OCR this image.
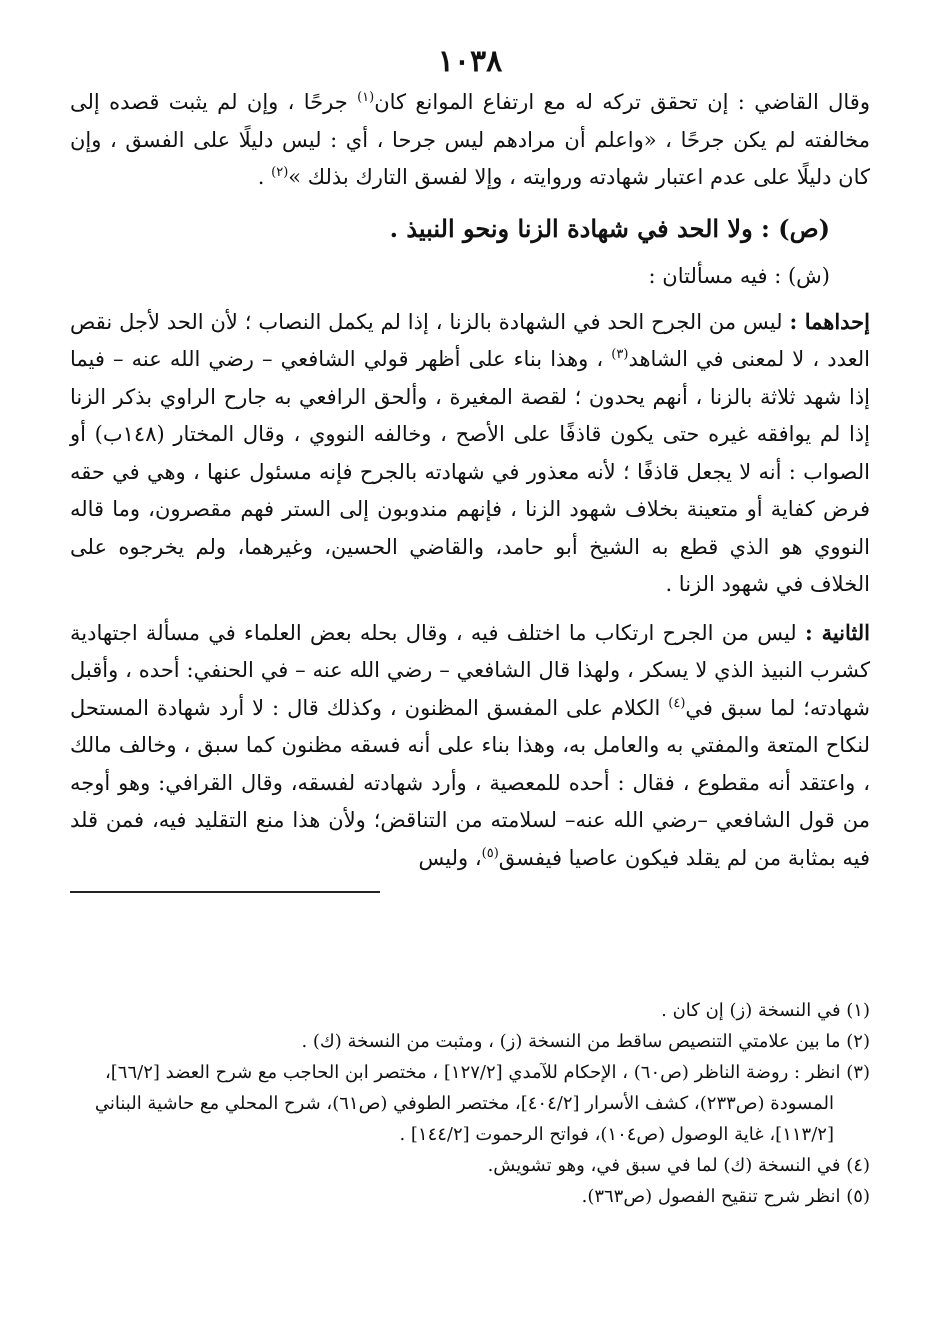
١٠٣٨

وقال القاضي : إن تحقق تركه له مع ارتفاع الموانع كان$^{(١)}$ جرحًا ، وإن لم يثبت قصده إلى مخالفته لم يكن جرحًا ، «واعلم أن مرادهم ليس جرحا ، أي : ليس دليلًا على الفسق ، وإن كان دليلًا على عدم اعتبار شهادته وروايته ، وإلا لفسق التارك بذلك »$^{(٢)}$ .

(ص) : ولا الحد في شهادة الزنا ونحو النبيذ .
(ش) : فيه مسألتان :

إحداهما : ليس من الجرح الحد في الشهادة بالزنا ، إذا لم يكمل النصاب ؛ لأن الحد لأجل نقص العدد ، لا لمعنى في الشاهد$^{(٣)}$ ، وهذا بناء على أظهر قولي الشافعي – رضي الله عنه – فيما إذا شهد ثلاثة بالزنا ، أنهم يحدون ؛ لقصة المغيرة ، وألحق الرافعي به جارح الراوي بذكر الزنا إذا لم يوافقه غيره حتى يكون قاذفًا على الأصح ، وخالفه النووي ، وقال المختار (١٤٨ب) أو الصواب : أنه لا يجعل قاذفًا ؛ لأنه معذور في شهادته بالجرح فإنه مسئول عنها ، وهي في حقه فرض كفاية أو متعينة بخلاف شهود الزنا ، فإنهم مندوبون إلى الستر فهم مقصرون، وما قاله النووي هو الذي قطع به الشيخ أبو حامد، والقاضي الحسين، وغيرهما، ولم يخرجوه على الخلاف في شهود الزنا .

الثانية : ليس من الجرح ارتكاب ما اختلف فيه ، وقال بحله بعض العلماء في مسألة اجتهادية كشرب النبيذ الذي لا يسكر ، ولهذا قال الشافعي – رضي الله عنه – في الحنفي: أحده ، وأقبل شهادته؛ لما سبق في$^{(٤)}$ الكلام على المفسق المظنون ، وكذلك قال : لا أرد شهادة المستحل لنكاح المتعة والمفتي به والعامل به، وهذا بناء على أنه فسقه مظنون كما سبق ، وخالف مالك ، واعتقد أنه مقطوع ، فقال : أحده للمعصية ، وأرد شهادته لفسقه، وقال القرافي: وهو أوجه من قول الشافعي –رضي الله عنه– لسلامته من التناقض؛ ولأن هذا منع التقليد فيه، فمن قلد فيه بمثابة من لم يقلد فيكون عاصيا فيفسق$^{(٥)}$، وليس

(١) في النسخة (ز) إن كان .

(٢) ما بين علامتي التنصيص ساقط من النسخة (ز) ، ومثبت من النسخة (ك) .

(٣) انظر : روضة الناظر (ص٦٠) ، الإحكام للآمدي [١٢٧/٢] ، مختصر ابن الحاجب مع شرح العضد [٦٦/٢]، المسودة (ص٢٣٣)، كشف الأسرار [٤٠٤/٢]، مختصر الطوفي (ص٦١)، شرح المحلي مع حاشية البناني [١١٣/٢]، غاية الوصول (ص١٠٤)، فواتح الرحموت [١٤٤/٢] .

(٤) في النسخة (ك) لما في سبق في، وهو تشويش.

(٥) انظر شرح تنقيح الفصول (ص٣٦٣).
